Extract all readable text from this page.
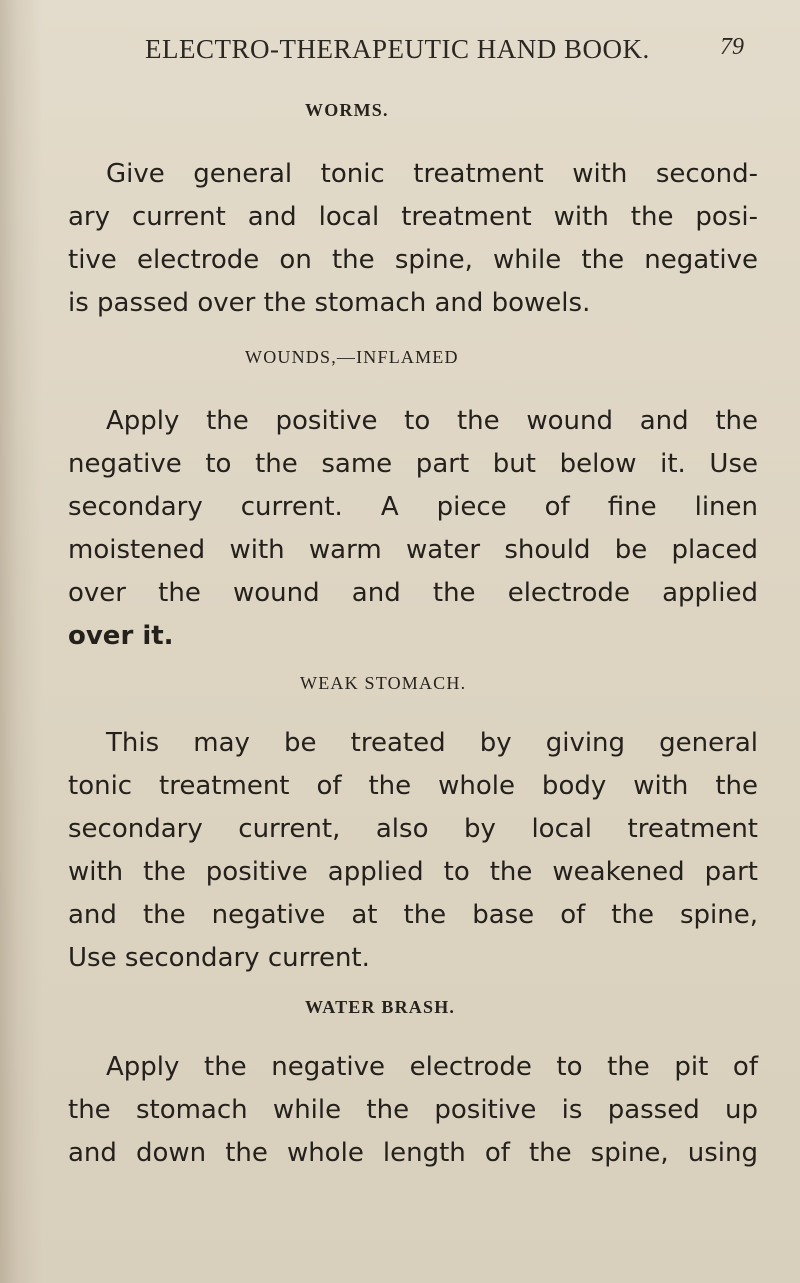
ELECTRO-THERAPEUTIC HAND BOOK.	79
WORMS.
Give general tonic treatment with second-
ary current and local treatment with the posi-
tive electrode on the spine, while the negative
is passed over the stomach and bowels.
WOUNDS,—INFLAMED
Apply the positive to the wound and the
negative to the same part but below it. Use
secondary current. A piece of fine linen
moistened with warm water should be placed
over the wound and the electrode applied
over it.
WEAK STOMACH.
This may be treated by giving general
tonic treatment of the whole body with the
secondary current, also by local treatment
with the positive applied to the weakened part
and the negative at the base of the spine,
Use secondary current.
WATER BRASH.
Apply the negative electrode to the pit of
the stomach while the positive is passed up
and down the whole length of the spine, using
